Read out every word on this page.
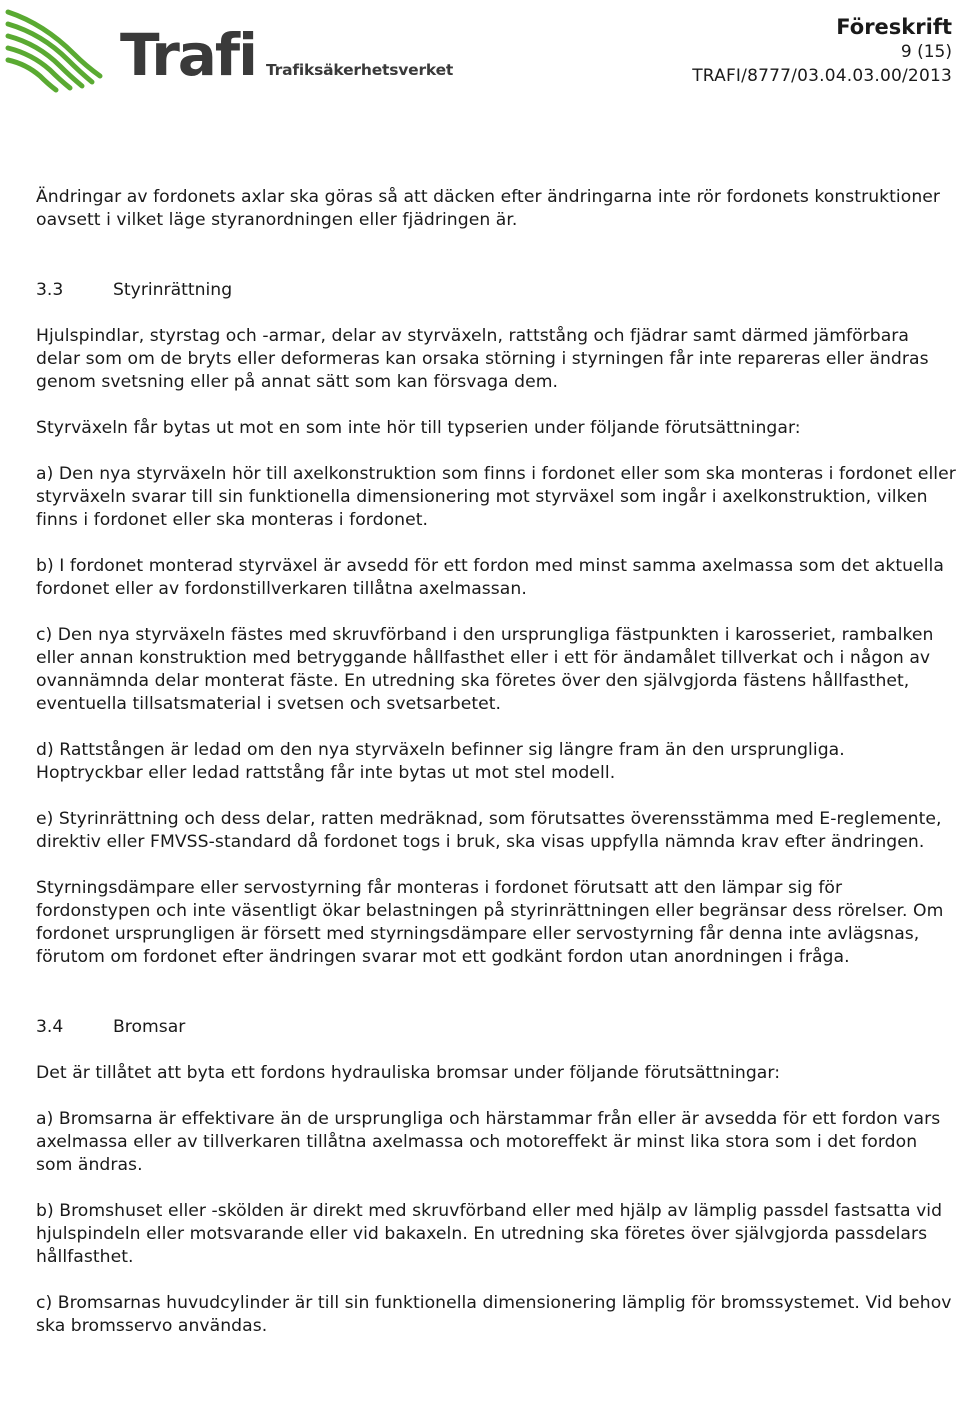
Trafi Trafiksäkerhetsverket
Föreskrift
9 (15)
TRAFI/8777/03.04.03.00/2013

Ändringar av fordonets axlar ska göras så att däcken efter ändringarna inte rör fordonets konstruktioner oavsett i vilket läge styranordningen eller fjädringen är.

3.3	Styrinrättning

Hjulspindlar, styrstag och -armar, delar av styrväxeln, rattstång och fjädrar samt därmed jämförbara delar som om de bryts eller deformeras kan orsaka störning i styrningen får inte repareras eller ändras genom svetsning eller på annat sätt som kan försvaga dem.

Styrväxeln får bytas ut mot en som inte hör till typserien under följande förutsättningar:

a) Den nya styrväxeln hör till axelkonstruktion som finns i fordonet eller som ska monteras i fordonet eller styrväxeln svarar till sin funktionella dimensionering mot styrväxel som ingår i axelkonstruktion, vilken finns i fordonet eller ska monteras i fordonet.

b) I fordonet monterad styrväxel är avsedd för ett fordon med minst samma axelmassa som det aktuella fordonet eller av fordonstillverkaren tillåtna axelmassan.

c) Den nya styrväxeln fästes med skruvförband i den ursprungliga fästpunkten i karosseriet, rambalken eller annan konstruktion med betryggande hållfasthet eller i ett för ändamålet tillverkat och i någon av ovannämnda delar monterat fäste. En utredning ska företes över den självgjorda fästens hållfasthet, eventuella tillsatsmaterial i svetsen och svetsarbetet.

d) Rattstången är ledad om den nya styrväxeln befinner sig längre fram än den ursprungliga. Hoptryckbar eller ledad rattstång får inte bytas ut mot stel modell.

e) Styrinrättning och dess delar, ratten medräknad, som förutsattes överensstämma med E-reglemente, direktiv eller FMVSS-standard då fordonet togs i bruk, ska visas uppfylla nämnda krav efter ändringen.

Styrningsdämpare eller servostyrning får monteras i fordonet förutsatt att den lämpar sig för fordonstypen och inte väsentligt ökar belastningen på styrinrättningen eller begränsar dess rörelser. Om fordonet ursprungligen är försett med styrningsdämpare eller servostyrning får denna inte avlägsnas, förutom om fordonet efter ändringen svarar mot ett godkänt fordon utan anordningen i fråga.

3.4	Bromsar

Det är tillåtet att byta ett fordons hydrauliska bromsar under följande förutsättningar:

a) Bromsarna är effektivare än de ursprungliga och härstammar från eller är avsedda för ett fordon vars axelmassa eller av tillverkaren tillåtna axelmassa och motoreffekt är minst lika stora som i det fordon som ändras.

b) Bromshuset eller -skölden är direkt med skruvförband eller med hjälp av lämplig passdel fastsatta vid hjulspindeln eller motsvarande eller vid bakaxeln. En utredning ska företes över självgjorda passdelars hållfasthet.

c) Bromsarnas huvudcylinder är till sin funktionella dimensionering lämplig för bromssystemet. Vid behov ska bromsservo användas.
